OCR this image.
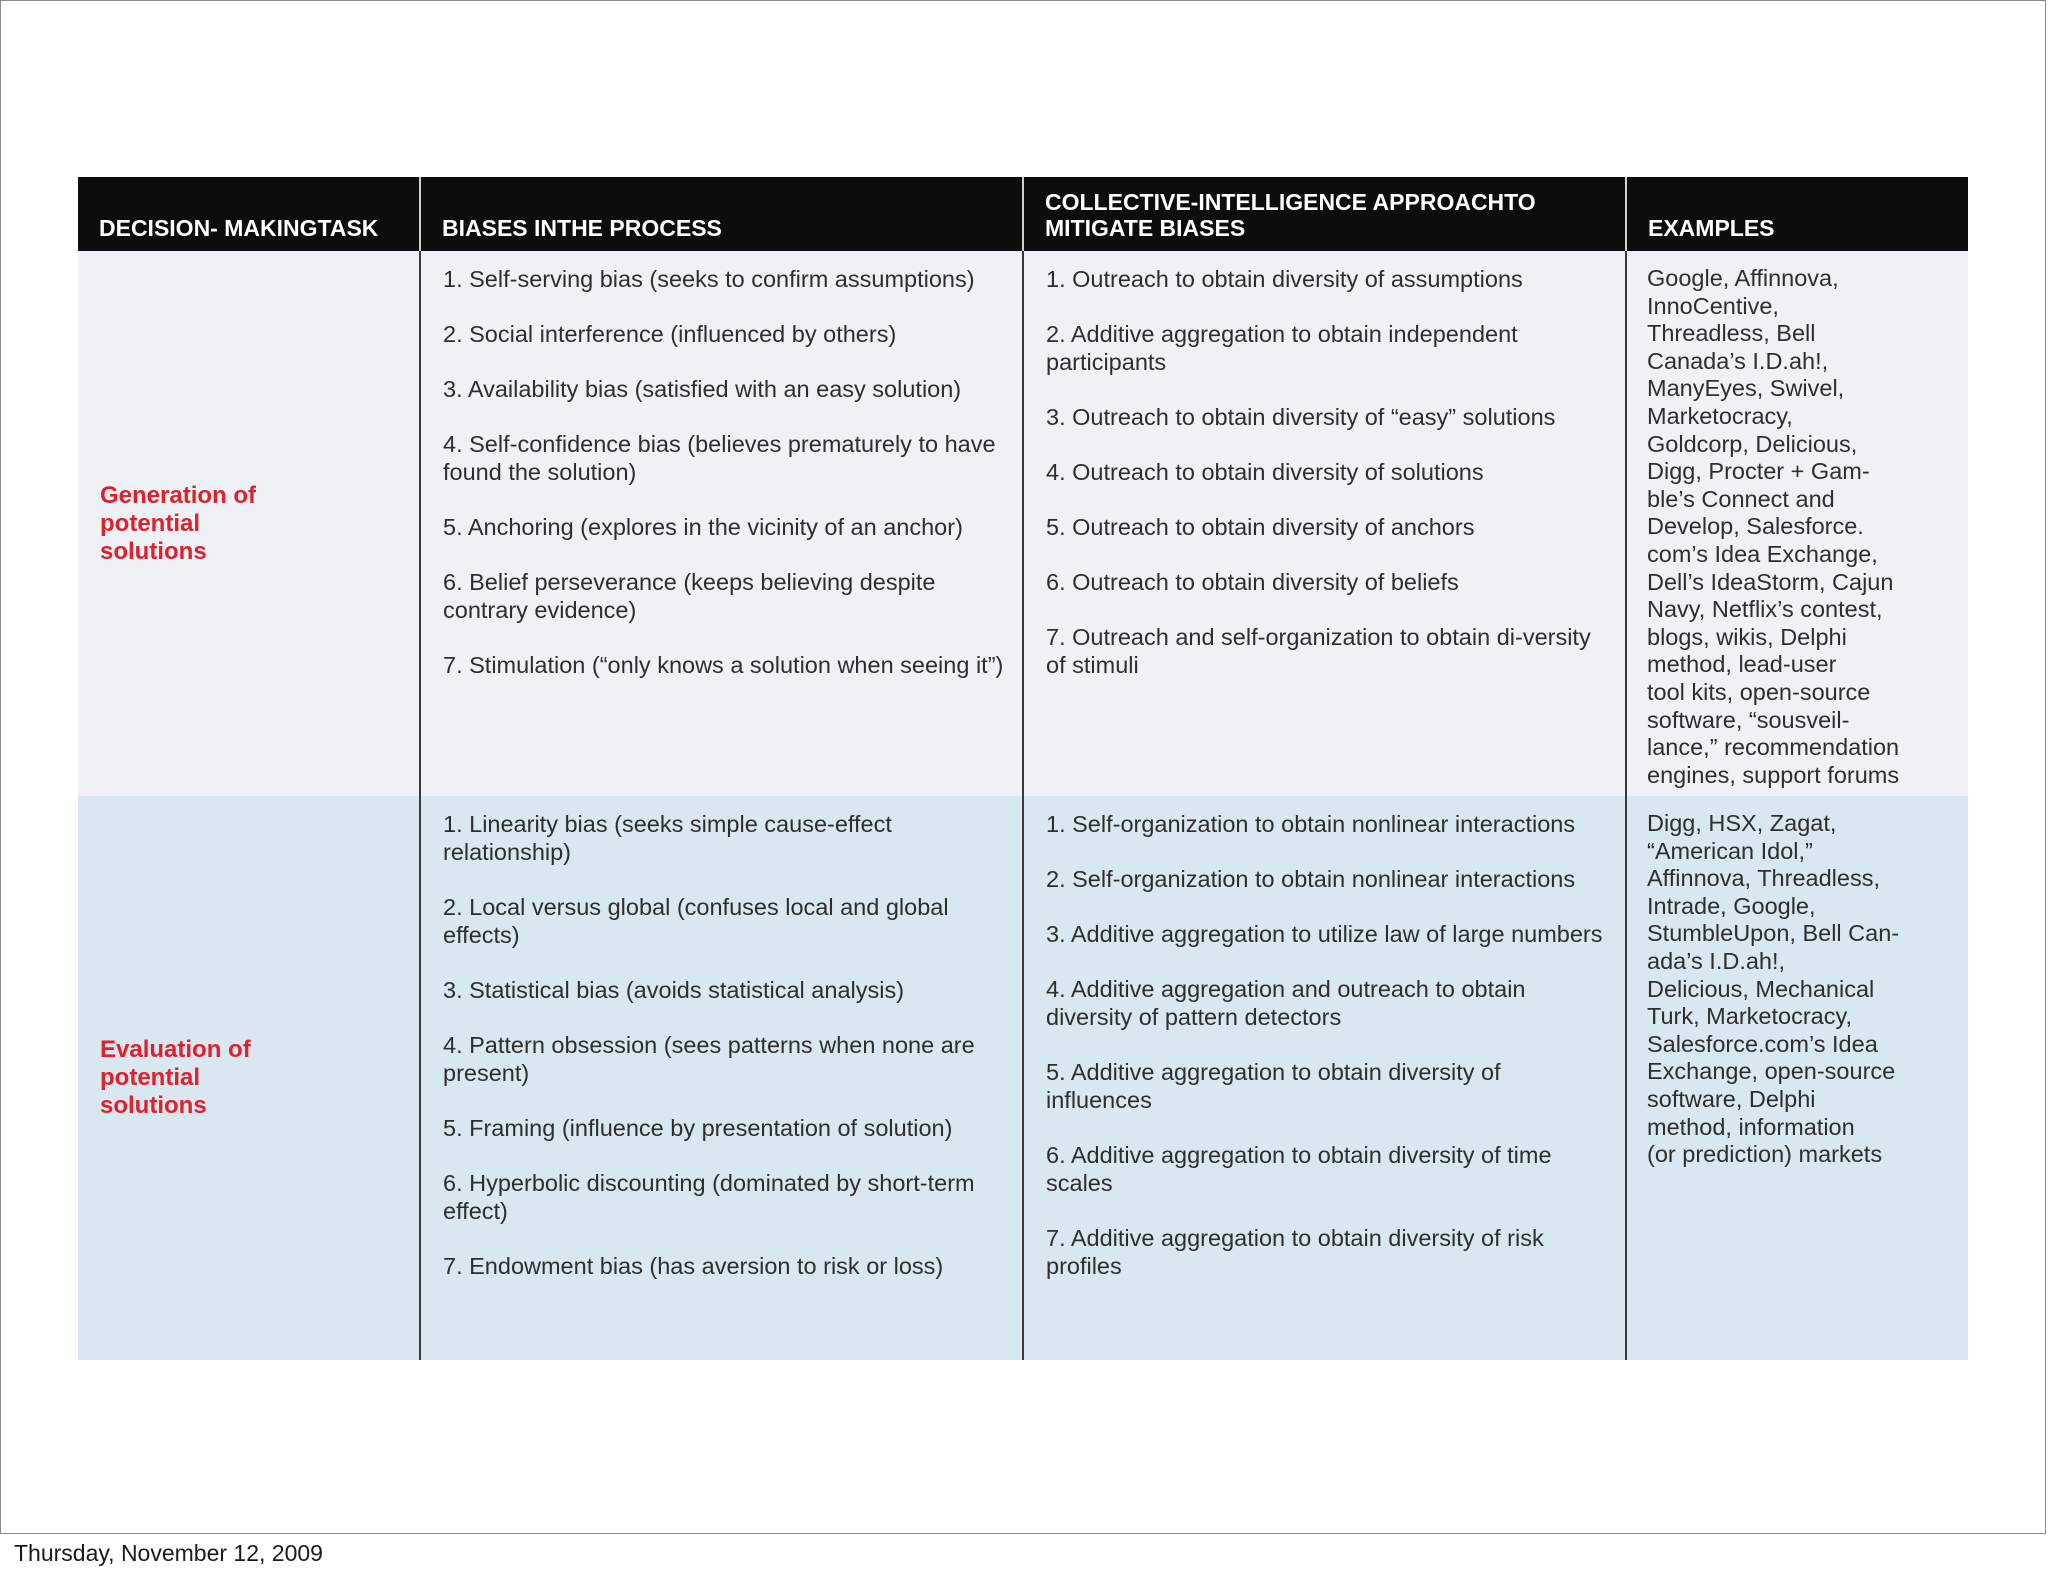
DECISION- MAKINGTASK	BIASES INTHE PROCESS
COLLECTIVE-INTELLIGENCE APPROACHTO MITIGATE BIASES	EXAMPLES
Generation of potential solutions
1. Self-serving bias (seeks to confirm assumptions)
2. Social interference (influenced by others)
3. Availability bias (satisfied with an easy solution)
4. Self-confidence bias (believes prematurely to have found the solution)
5. Anchoring (explores in the vicinity of an anchor)
6. Belief perseverance (keeps believing despite contrary evidence)
7. Stimulation (“only knows a solution when seeing it”)
1. Outreach to obtain diversity of assumptions
2. Additive aggregation to obtain independent participants
3. Outreach to obtain diversity of “easy” solutions
4. Outreach to obtain diversity of solutions
5. Outreach to obtain diversity of anchors
6. Outreach to obtain diversity of beliefs
7. Outreach and self-organization to obtain di-versity of stimuli
Google, Affinnova,
InnoCentive,
Threadless, Bell
Canada’s I.D.ah!,
ManyEyes, Swivel,
Marketocracy,
Goldcorp, Delicious,
Digg, Procter + Gam-
ble’s Connect and
Develop, Salesforce.
com’s Idea Exchange,
Dell’s IdeaStorm, Cajun
Navy, Netflix’s contest,
blogs, wikis, Delphi
method, lead-user
tool kits, open-source
software, “sousveil-
lance,” recommendation
engines, support forums
Evaluation of potential solutions
1. Linearity bias (seeks simple cause-effect relationship)
2. Local versus global (confuses local and global effects)
3. Statistical bias (avoids statistical analysis)
4. Pattern obsession (sees patterns when none are present)
5. Framing (influence by presentation of solution)
6. Hyperbolic discounting (dominated by short-term effect)
7. Endowment bias (has aversion to risk or loss)
1. Self-organization to obtain nonlinear interactions
2. Self-organization to obtain nonlinear interactions
3. Additive aggregation to utilize law of large numbers
4. Additive aggregation and outreach to obtain diversity of pattern detectors
5. Additive aggregation to obtain diversity of influences
6. Additive aggregation to obtain diversity of time scales
7. Additive aggregation to obtain diversity of risk profiles
Digg, HSX, Zagat,
“American Idol,”
Affinnova, Threadless,
Intrade, Google,
StumbleUpon, Bell Can-
ada’s I.D.ah!,
Delicious, Mechanical
Turk, Marketocracy,
Salesforce.com’s Idea
Exchange, open-source
software, Delphi
method, information
(or prediction) markets
Thursday, November 12, 2009
